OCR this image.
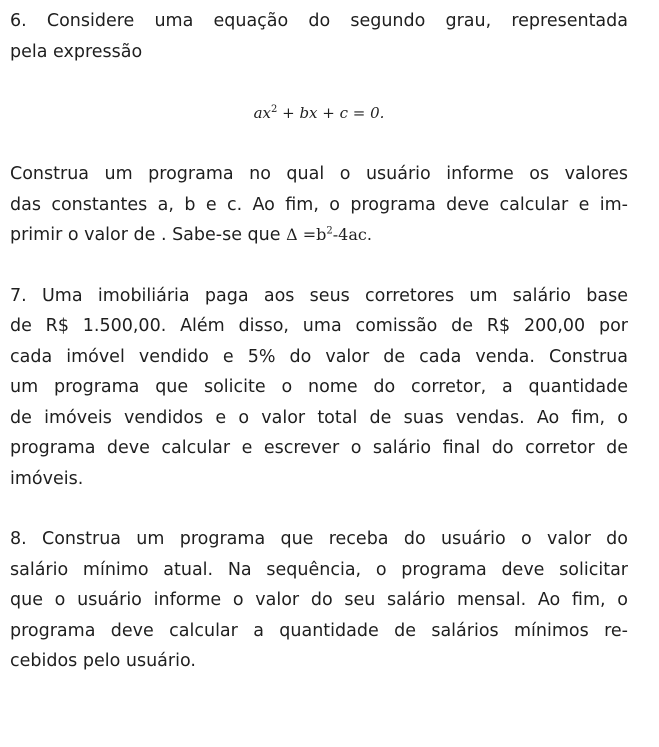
6. Considere uma equação do segundo grau, representada
pela expressão
$ax^2$ + bx + c = 0.
Construa um programa no qual o usuário informe os valores
das constantes a, b e c. Ao fim, o programa deve calcular e im-
primir o valor de . Sabe-se que $\Delta =b^2-4ac$.
7. Uma imobiliária paga aos seus corretores um salário base
de R$ 1.500,00. Além disso, uma comissão de R$ 200,00 por
cada imóvel vendido e 5% do valor de cada venda. Construa
um programa que solicite o nome do corretor, a quantidade
de imóveis vendidos e o valor total de suas vendas. Ao fim, o
programa deve calcular e escrever o salário final do corretor de
imóveis.
8. Construa um programa que receba do usuário o valor do
salário mínimo atual. Na sequência, o programa deve solicitar
que o usuário informe o valor do seu salário mensal. Ao fim, o
programa deve calcular a quantidade de salários mínimos re-
cebidos pelo usuário.
